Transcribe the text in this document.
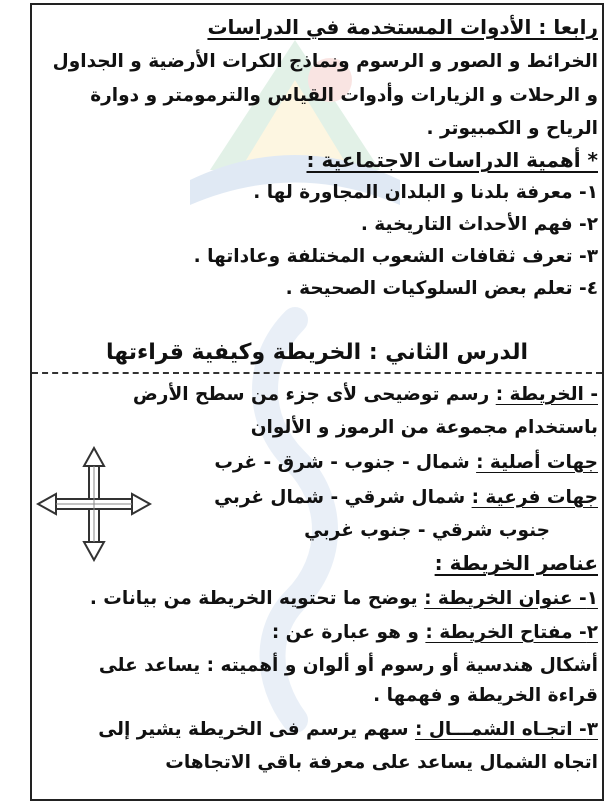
رابعا : الأدوات المستخدمة في الدراسات
الخرائط و الصور و الرسوم ونماذج الكرات الأرضية و الجداول
و الرحلات و الزيارات وأدوات القياس والترمومتر و دوارة
الرياح و الكمبيوتر .
* أهمية الدراسات الاجتماعية :
١- معرفة بلدنا و البلدان المجاورة لها .
٢- فهم الأحداث التاريخية .
٣- تعرف ثقافات الشعوب المختلفة وعاداتها .
٤- تعلم بعض السلوكيات الصحيحة .
الدرس الثاني : الخريطة وكيفية قراءتها
- الخريطة : رسم توضيحى لأى جزء من سطح الأرض
باستخدام مجموعة من الرموز و الألوان
جهات أصلية : شمال - جنوب - شرق - غرب
جهات فرعية : شمال شرقي - شمال غربي
جنوب شرقي - جنوب غربي
عناصر الخريطة :
١- عنوان الخريطة : يوضح ما تحتويه الخريطة من بيانات .
٢- مفتاح الخريطة : و هو عبارة عن :
أشكال هندسية أو رسوم أو ألوان و أهميته : يساعد على
قراءة الخريطة و فهمها .
٣- اتجـاه الشمـــال : سهم يرسم فى الخريطة يشير إلى
اتجاه الشمال يساعد على معرفة باقي الاتجاهات
